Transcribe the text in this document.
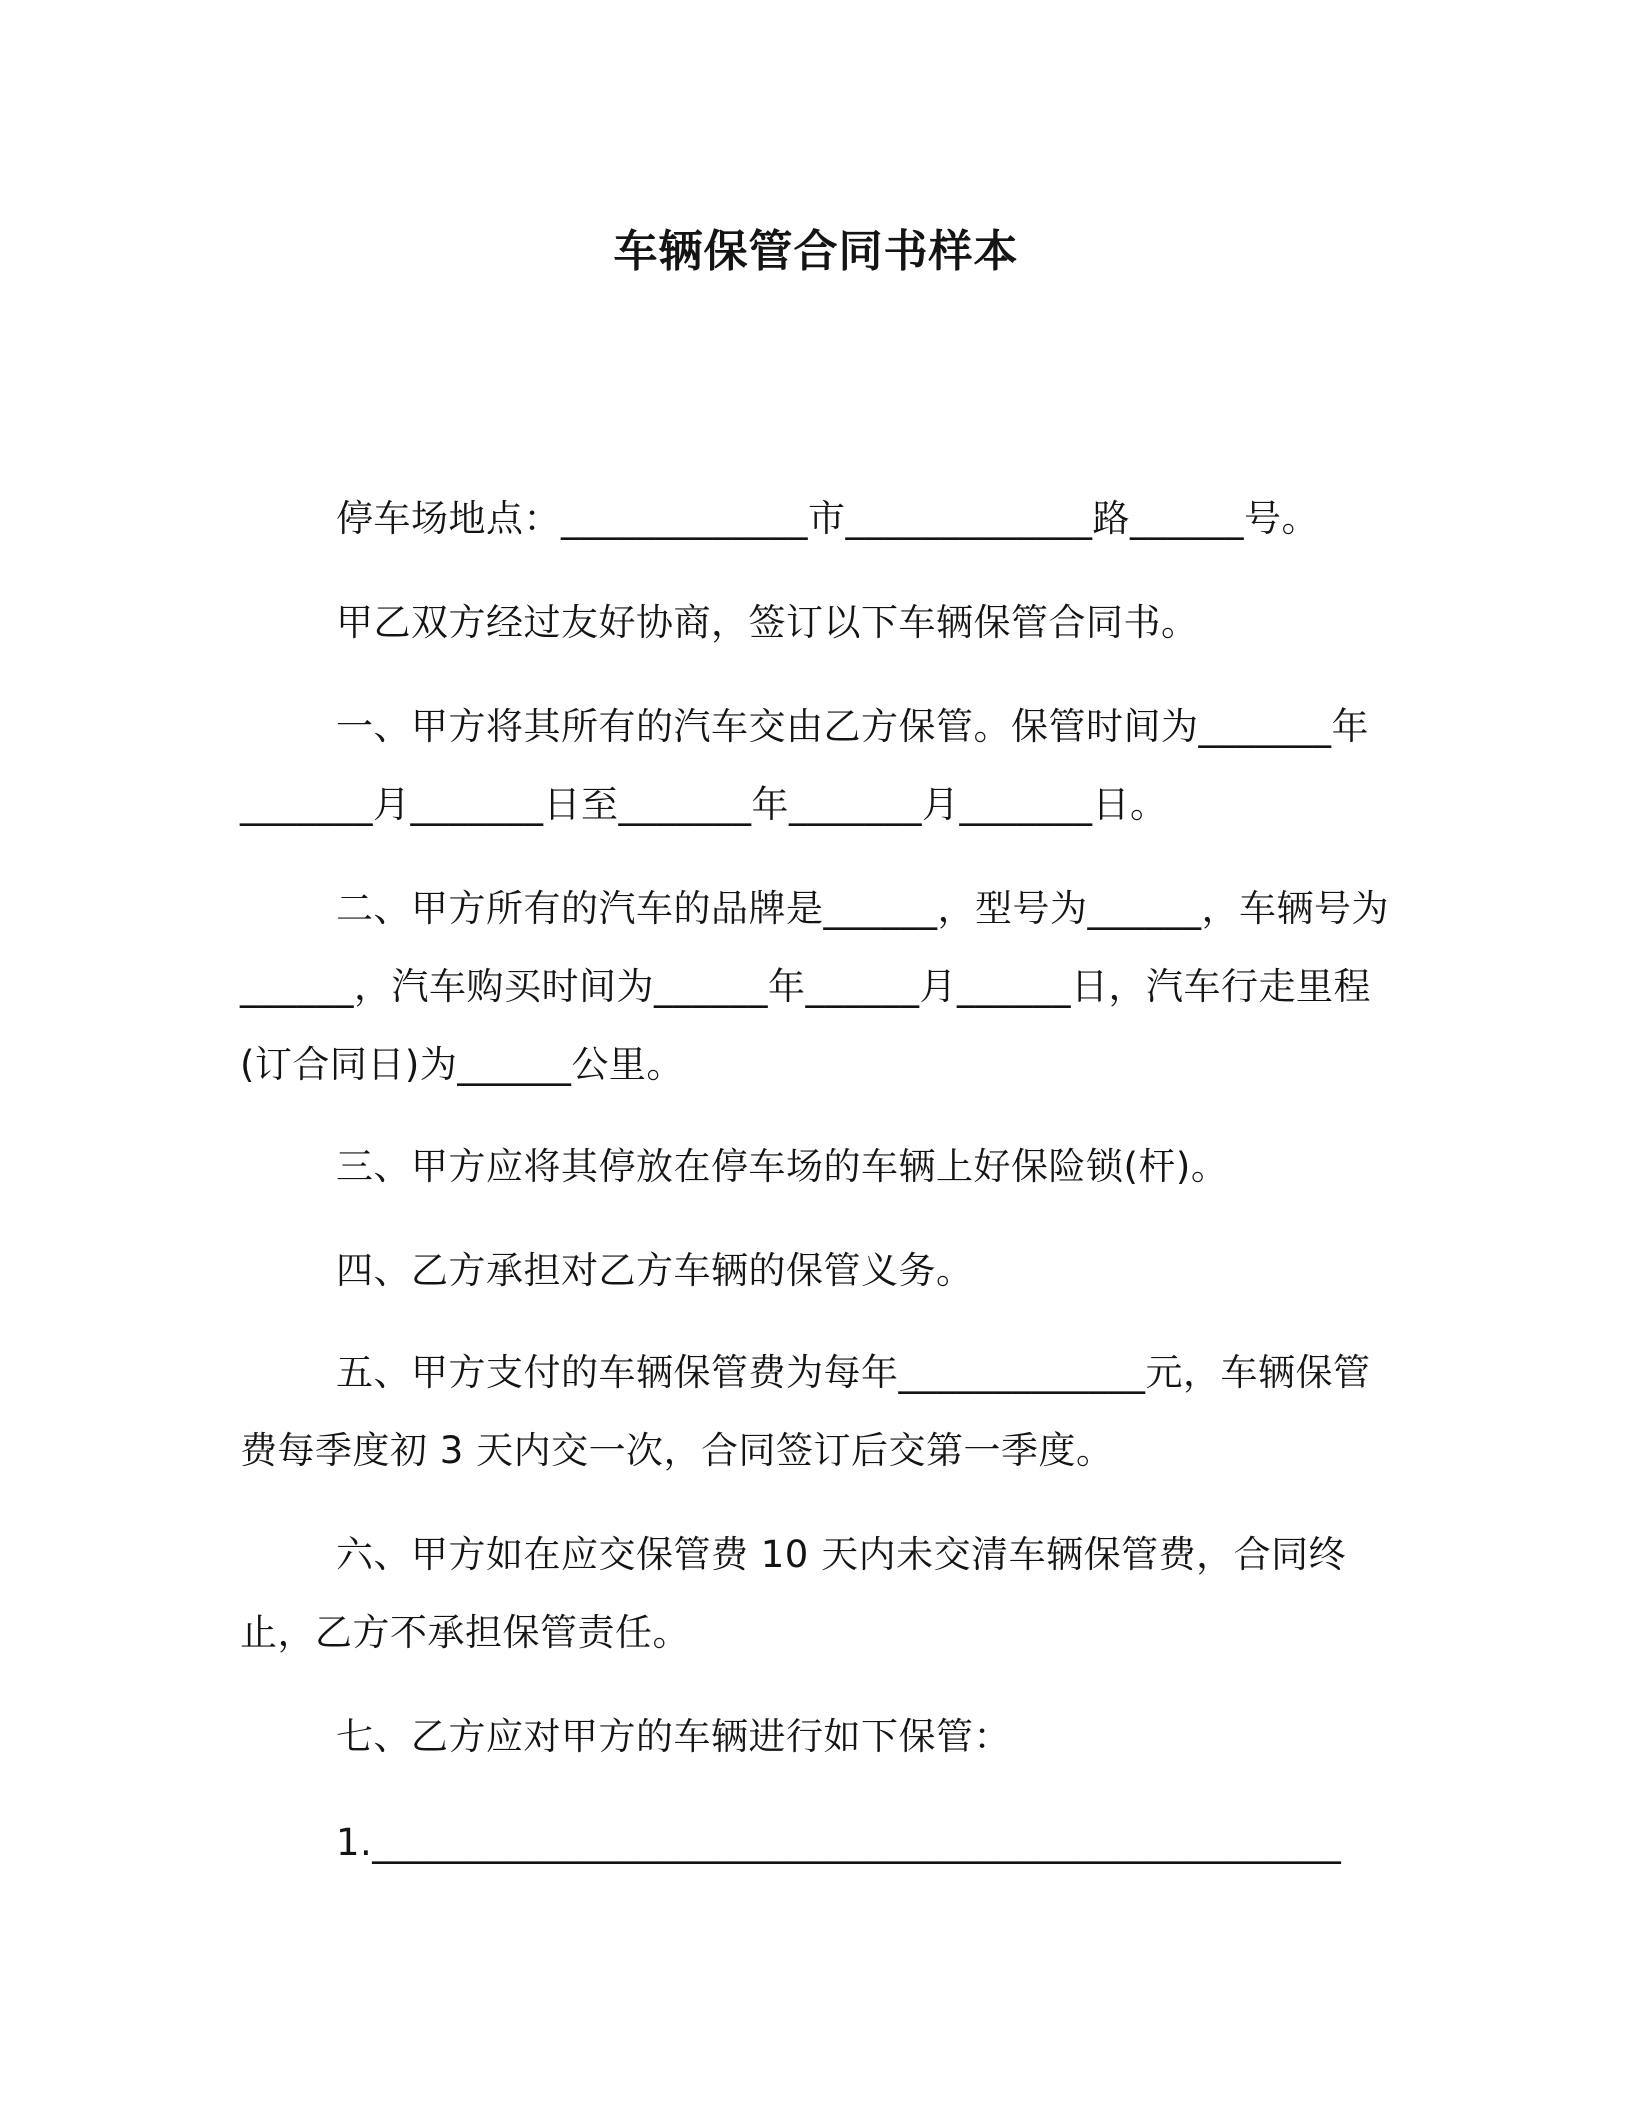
车辆保管合同书样本

停车场地点：_____________市_____________路______号。

甲乙双方经过友好协商，签订以下车辆保管合同书。

一、甲方将其所有的汽车交由乙方保管。保管时间为_______年_______月_______日至_______年_______月_______日。

二、甲方所有的汽车的品牌是______，型号为______，车辆号为______，汽车购买时间为______年______月______日，汽车行走里程(订合同日)为______公里。

三、甲方应将其停放在停车场的车辆上好保险锁(杆)。

四、乙方承担对乙方车辆的保管义务。

五、甲方支付的车辆保管费为每年_____________元，车辆保管费每季度初 3 天内交一次，合同签订后交第一季度。

六、甲方如在应交保管费 10 天内未交清车辆保管费，合同终止，乙方不承担保管责任。

七、乙方应对甲方的车辆进行如下保管：

1.___________________________________________________
